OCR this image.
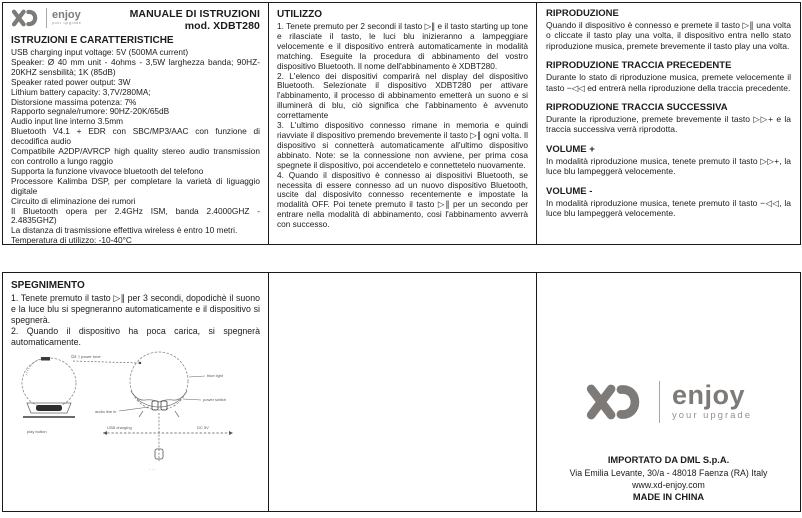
enjoy
your upgrade
MANUALE DI ISTRUZIONI
mod. XDBT280
ISTRUZIONI E CARATTERISTICHE

USB charging input voltage: 5V (500MA current)

Speaker: Ø 40 mm unit - 4ohms - 3,5W larghezza banda; 90HZ-20KHZ sensbilità; 1K (85dB)

Speaker rated power output: 3W

Lithium battery capacity: 3,7V/280MA;

Distorsione massima potenza: 7%

Rapporto segnale/rumore: 90HZ-20K/65dB

Audio input line interno 3.5mm

Bluetooth V4.1 + EDR con SBC/MP3/AAC con funzione di decodifica audio

Compatibile A2DP/AVRCP high quality stereo audio transmission con controllo a lungo raggio

Supporta la funzione vivavoce bluetooth del telefono

Processore Kalimba DSP, per completare la varietà di liguaggio digitale

Circuito di eliminazione dei rumori

Il Bluetooth opera per 2.4GHz ISM, banda 2.4000GHZ - 2.4835GHZ)

La distanza di trasmissione effettiva wireless è entro 10 metri.

Temperatura di utilizzo: -10-40°C

UTILIZZO

1. Tenete premuto per 2 secondi il tasto ▷∥ e il tasto starting up tone e rilasciate il tasto, le luci blu inizieranno a lampeggiare velocemente e il dispositivo entrerà automaticamente in modalità matching. Eseguite la procedura di abbinamento del vostro dispositivo Bluetooth. Il nome dell'abbinamento è XDBT280.

2. L'elenco dei dispositivi comparirà nel display del dispositivo Bluetooth. Selezionate il dispositivo XDBT280 per attivare l'abbinamento, il processo di abbinamento emetterà un suono e si illuminerà di blu, ciò significa che l'abbinamento è avvenuto correttamente

3. L'ultimo dispositivo connesso rimane in memoria e quindi riavviate il dispositivo premendo brevemente il tasto ▷∥ ogni volta. Il dispositivo si connetterà automaticamente all'ultimo dispositivo abbinato. Note: se la connessione non avviene, per prima cosa spegnete il dispositivo, poi accendetelo e connettetelo nuovamente.

4. Quando il dispositivo è connesso ai dispositivi Bluetooth, se necessita di essere connesso ad un nuovo dispositivo Bluetooth, uscite dal disposivito connesso recentemente e impostate la modalità OFF. Poi tenete premuto il tasto ▷∥ per un secondo per entrare nella modalità di abbinamento, cosi l'abbinamento avverrà con successo.

RIPRODUZIONE
Quando il dispositivo è connesso e premete il tasto ▷∥ una volta o cliccate il tasto play una volta, il dispositivo entra nello stato riproduzione musica, premete brevemente il tasto play una volta.
RIPRODUZIONE TRACCIA PRECEDENTE
Durante lo stato di riproduzione musica, premete velocemente il tasto −◁◁ ed entrerà nella riproduzione della traccia precedente.
RIPRODUZIONE TRACCIA SUCCESSIVA
Durante la riproduzione, premete brevemente il tasto ▷▷+ e la traccia successiva verrà riprodotta.
VOLUME +
In modalità riproduzione musica, tenete premuto il tasto ▷▷+, la luce blu lampeggerà velocemente.
VOLUME -
In modalità riproduzione musica, tenete premuto il tasto −◁◁, la luce blu lampeggerà velocemente.
SPEGNIMENTO

1. Tenete premuto il tasto ▷∥ per 3 secondi, dopodichè il suono e la luce blu si spegneranno automaticamente e il dispositivo si spegnerà.

2. Quando il dispositivo ha poca carica, si spegnerà automaticamente.

play button
⏻/▷∥ power tone
blue light
power switch
audio line in
USB charging	DC 5V
· · ·
enjoy
your upgrade
IMPORTATO DA DML S.p.A.
Via Emilia Levante, 30/a - 48018 Faenza (RA) Italy
www.xd-enjoy.com
MADE IN CHINA
